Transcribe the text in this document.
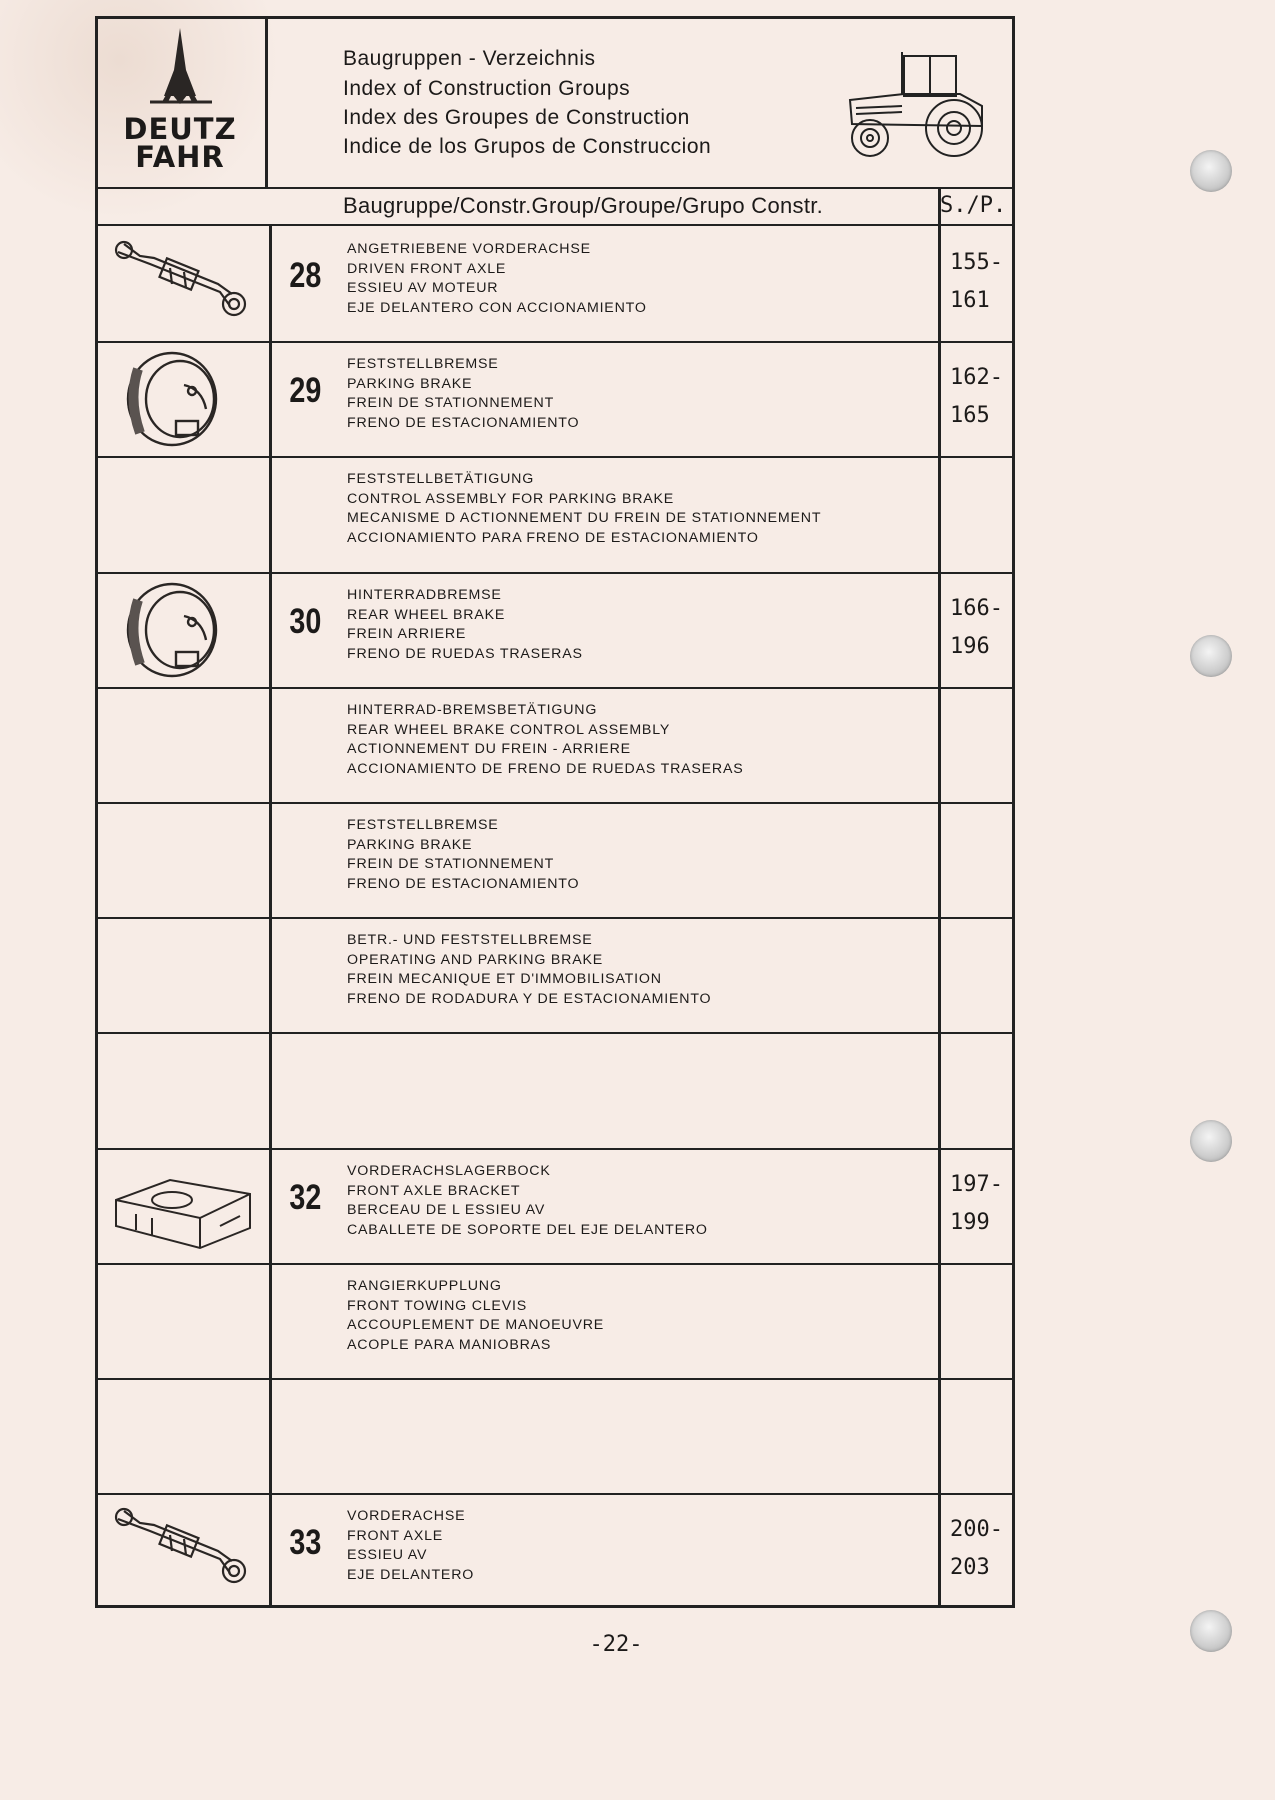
DEUTZ
FAHR
Baugruppen - Verzeichnis
Index of Construction Groups
Index des Groupes de Construction
Indice de los Grupos de Construccion
Baugruppe/Constr.Group/Groupe/Grupo Constr.	S./P.
28
ANGETRIEBENE VORDERACHSE
DRIVEN FRONT AXLE
ESSIEU AV MOTEUR
EJE DELANTERO CON ACCIONAMIENTO
155-
161
29
FESTSTELLBREMSE
PARKING BRAKE
FREIN DE STATIONNEMENT
FRENO DE ESTACIONAMIENTO
162-
165
FESTSTELLBETÄTIGUNG
CONTROL ASSEMBLY FOR PARKING BRAKE
MECANISME D ACTIONNEMENT DU FREIN DE STATIONNEMENT
ACCIONAMIENTO PARA FRENO DE ESTACIONAMIENTO
30
HINTERRADBREMSE
REAR WHEEL BRAKE
FREIN ARRIERE
FRENO DE RUEDAS TRASERAS
166-
196
HINTERRAD-BREMSBETÄTIGUNG
REAR WHEEL BRAKE CONTROL ASSEMBLY
ACTIONNEMENT DU FREIN - ARRIERE
ACCIONAMIENTO DE FRENO DE RUEDAS TRASERAS
FESTSTELLBREMSE
PARKING BRAKE
FREIN DE STATIONNEMENT
FRENO DE ESTACIONAMIENTO
BETR.- UND FESTSTELLBREMSE
OPERATING AND PARKING BRAKE
FREIN MECANIQUE ET D'IMMOBILISATION
FRENO DE RODADURA Y DE ESTACIONAMIENTO
32
VORDERACHSLAGERBOCK
FRONT AXLE BRACKET
BERCEAU DE L ESSIEU AV
CABALLETE DE SOPORTE DEL EJE DELANTERO
197-
199
RANGIERKUPPLUNG
FRONT TOWING CLEVIS
ACCOUPLEMENT DE MANOEUVRE
ACOPLE PARA MANIOBRAS
33
VORDERACHSE
FRONT AXLE
ESSIEU AV
EJE DELANTERO
200-
203
-22-
